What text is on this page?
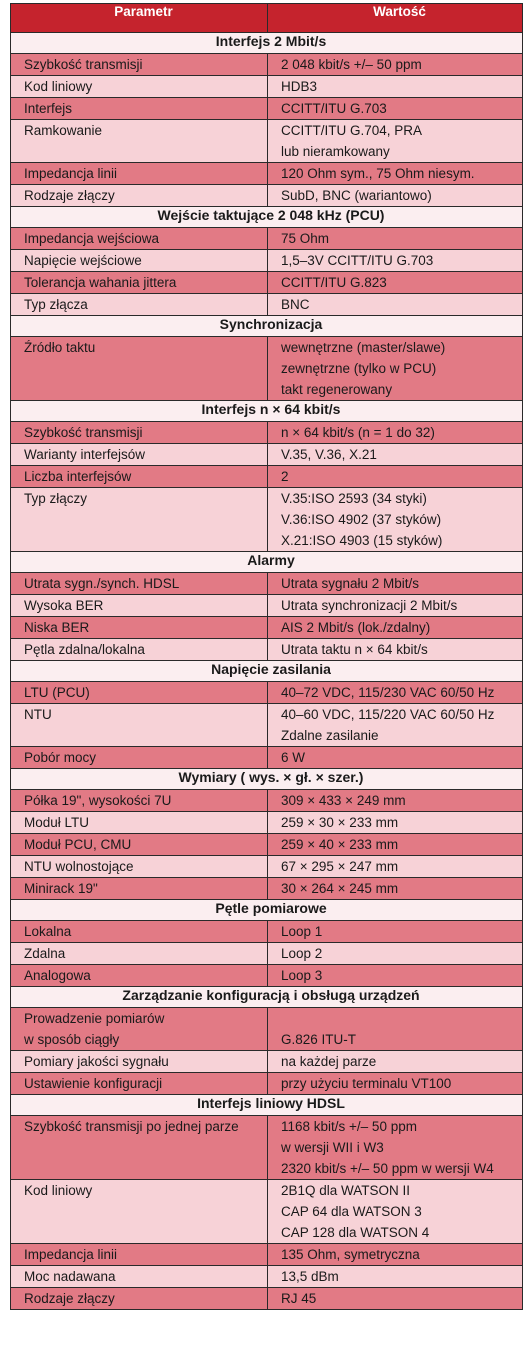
Parametr	Wartość
Interfejs 2 Mbit/s	

Szybkość transmisji	2 048 kbit/s +/– 50 ppm

Kod liniowy	HDB3

Interfejs	CCITT/ITU G.703

Ramkowanie	CCITT/ITU G.704, PRA
lub nieramkowany

Impedancja linii	120 Ohm sym., 75 Ohm niesym.

Rodzaje złączy	SubD, BNC (wariantowo)

Wejście taktujące 2 048 kHz (PCU)	

Impedancja wejściowa	75 Ohm

Napięcie wejściowe	1,5–3V CCITT/ITU G.703

Tolerancja wahania jittera	CCITT/ITU G.823

Typ złącza	BNC

Synchronizacja	

Źródło taktu	wewnętrzne (master/slawe)
zewnętrzne (tylko w PCU)
takt regenerowany

Interfejs n × 64 kbit/s	

Szybkość transmisji	n × 64 kbit/s (n = 1 do 32)

Warianty interfejsów	V.35, V.36, X.21

Liczba interfejsów	2

Typ złączy	V.35:ISO 2593 (34 styki)
V.36:ISO 4902 (37 styków)
X.21:ISO 4903 (15 styków)

Alarmy	

Utrata sygn./synch. HDSL	Utrata sygnału 2 Mbit/s

Wysoka BER	Utrata synchronizacji 2 Mbit/s

Niska BER	AIS 2 Mbit/s (lok./zdalny)

Pętla zdalna/lokalna	Utrata taktu n × 64 kbit/s

Napięcie zasilania	

LTU (PCU)	40–72 VDC, 115/230 VAC 60/50 Hz

NTU	40–60 VDC, 115/220 VAC 60/50 Hz
Zdalne zasilanie

Pobór mocy	6 W

Wymiary ( wys. × gł. × szer.)	

Półka 19", wysokości 7U	309 × 433 × 249 mm

Moduł LTU	259 × 30 × 233 mm

Moduł PCU, CMU	259 × 40 × 233 mm

NTU wolnostojące	67 × 295 × 247 mm

Minirack 19"	30 × 264 × 245 mm

Pętle pomiarowe	

Lokalna	Loop 1

Zdalna	Loop 2

Analogowa	Loop 3

Zarządzanie konfiguracją i obsługą urządzeń	

Prowadzenie pomiarów
w sposób ciągły	G.826 ITU-T

Pomiary jakości sygnału	na każdej parze

Ustawienie konfiguracji	przy użyciu terminalu VT100

Interfejs liniowy HDSL	

Szybkość transmisji po jednej parze	1168 kbit/s +/– 50 ppm
w wersji WII i W3
2320 kbit/s +/– 50 ppm w wersji W4

Kod liniowy	2B1Q dla WATSON II
CAP 64 dla WATSON 3
CAP 128 dla WATSON 4

Impedancja linii	135 Ohm, symetryczna

Moc nadawana	13,5 dBm

Rodzaje złączy	RJ 45
